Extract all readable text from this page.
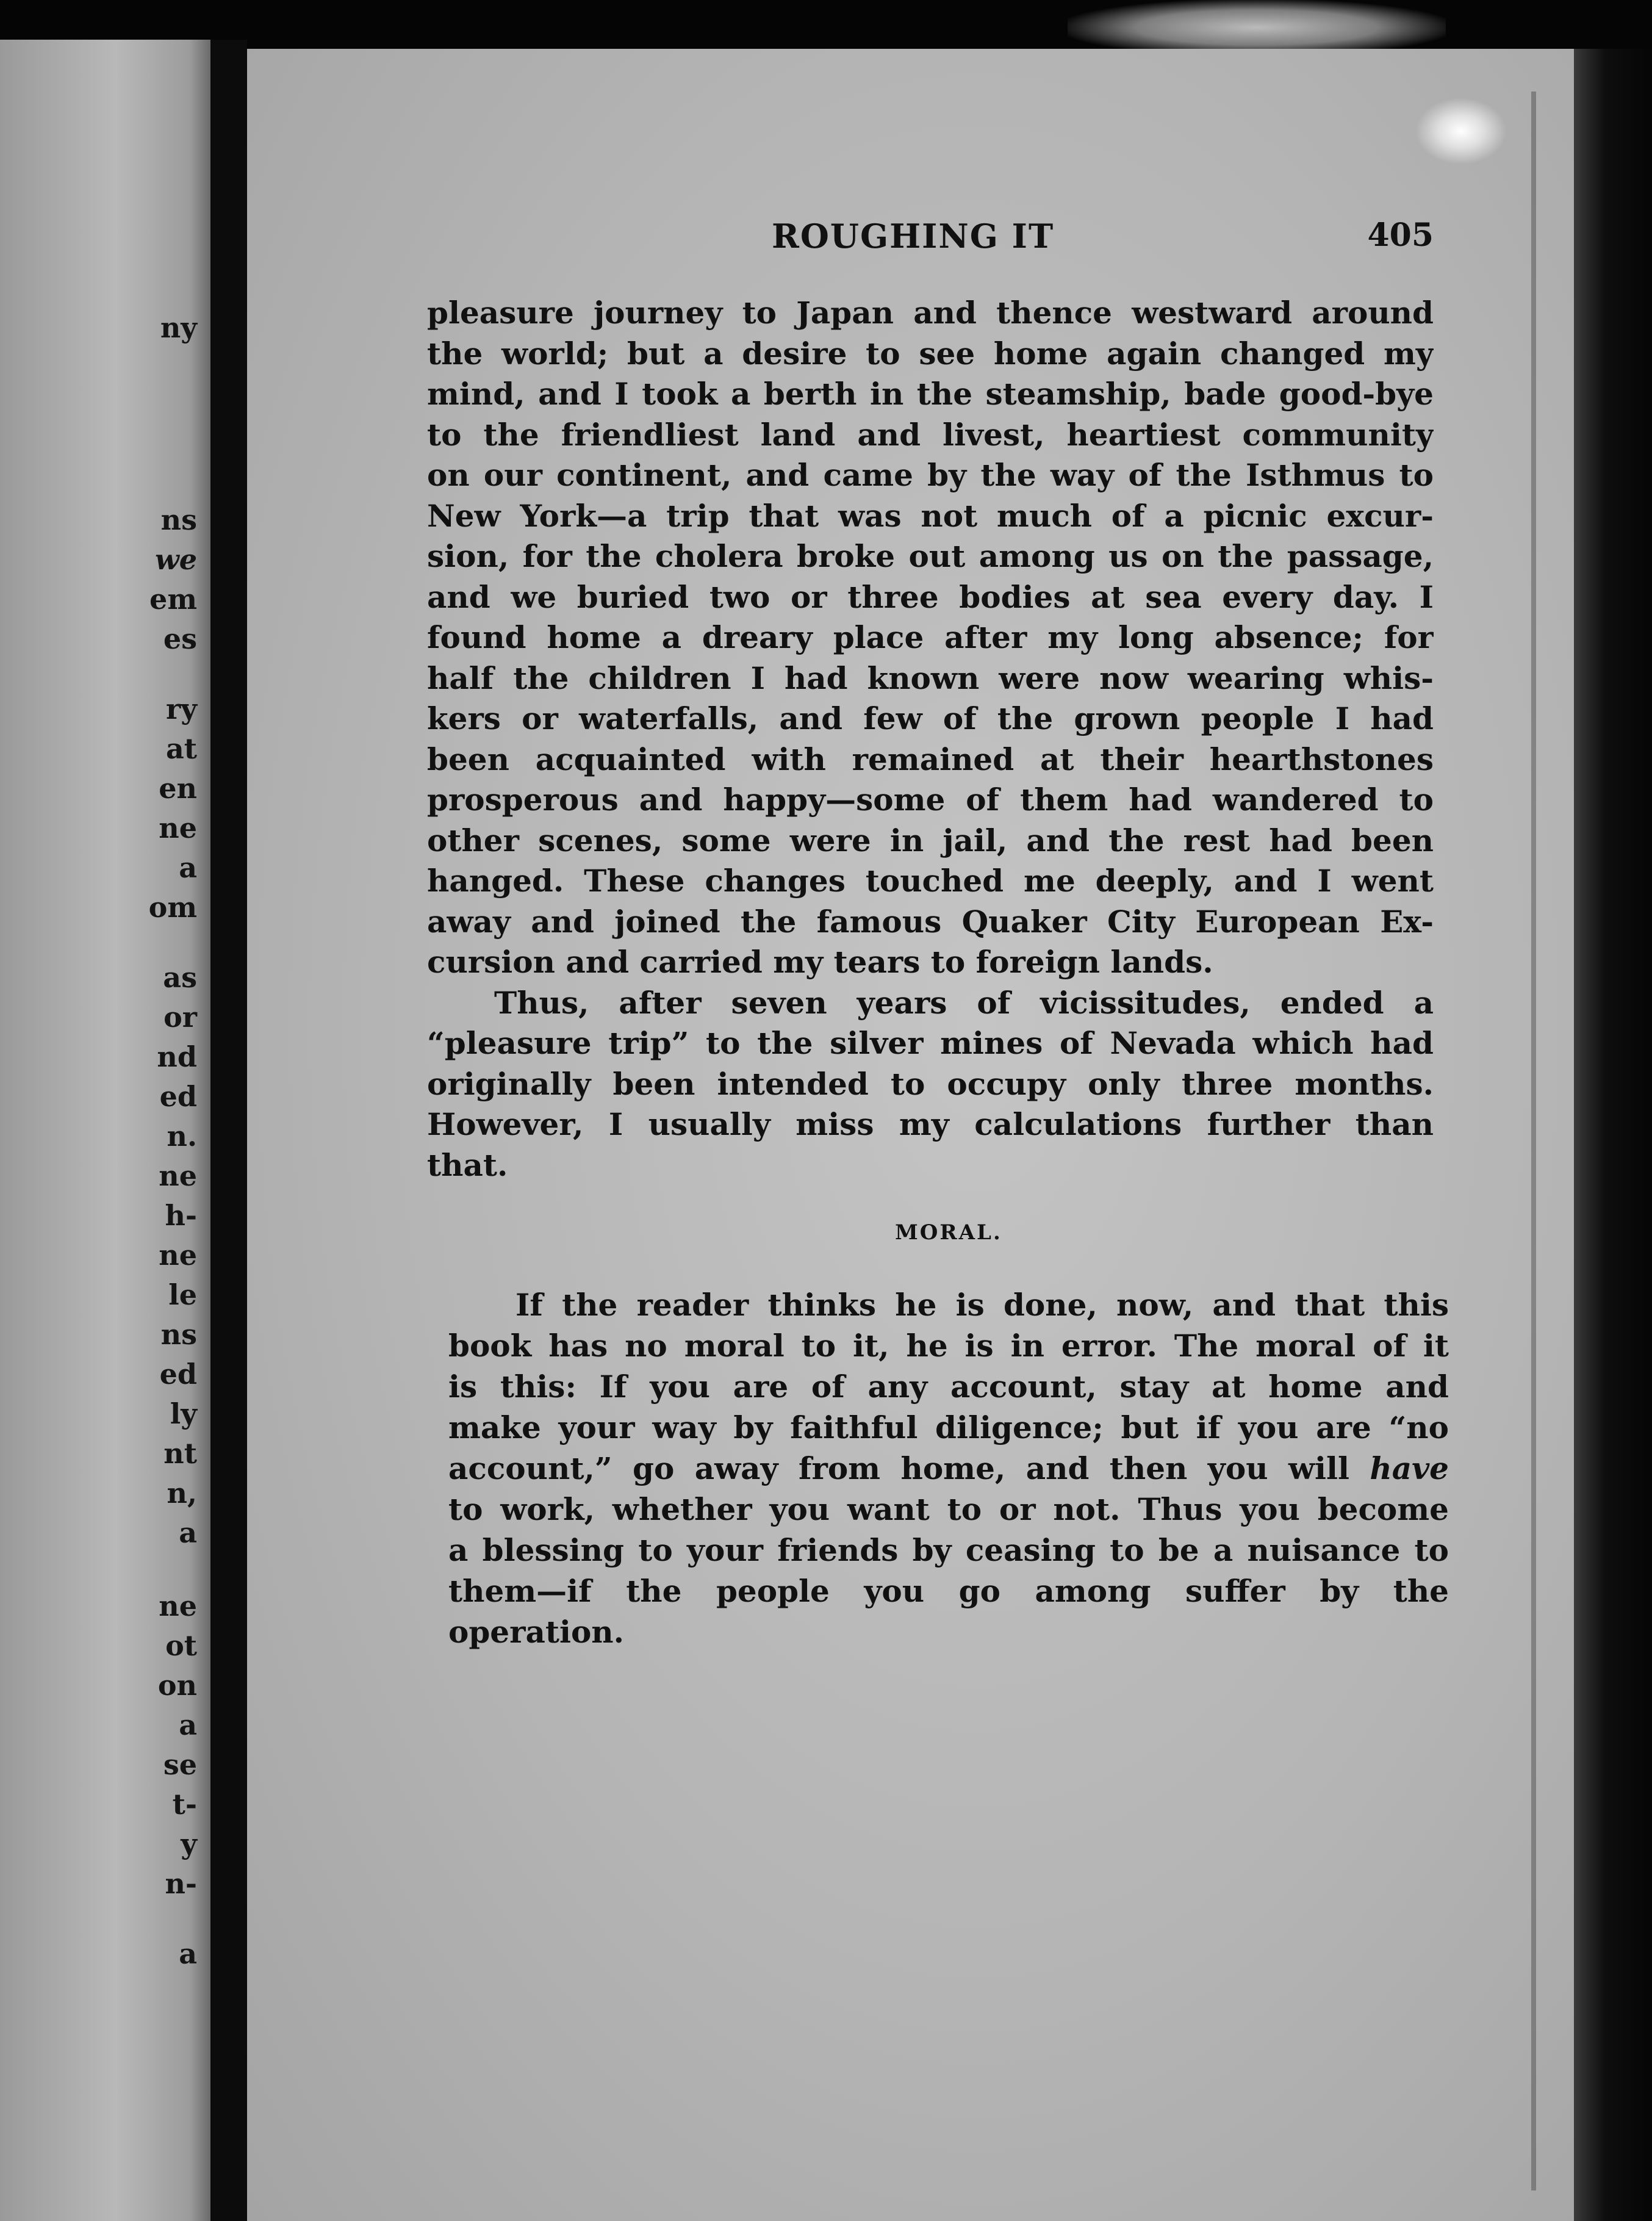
ny
ns
we
em
es
ry
at
en
ne
a
om
as
or
nd
ed
n.
ne
h-
ne
le
ns
ed
ly
nt
n,
a
ne
ot
on
a
se
t-
y
n-
a
ROUGHING IT	405
pleasure journey to Japan and thence westward around
the world; but a desire to see home again changed my
mind, and I took a berth in the steamship, bade good-bye
to the friendliest land and livest, heartiest community
on our continent, and came by the way of the Isthmus to
New York—a trip that was not much of a picnic excur-
sion, for the cholera broke out among us on the passage,
and we buried two or three bodies at sea every day. I
found home a dreary place after my long absence; for
half the children I had known were now wearing whis-
kers or waterfalls, and few of the grown people I had
been acquainted with remained at their hearthstones
prosperous and happy—some of them had wandered to
other scenes, some were in jail, and the rest had been
hanged. These changes touched me deeply, and I went
away and joined the famous Quaker City European Ex-
cursion and carried my tears to foreign lands.
Thus, after seven years of vicissitudes, ended a
“pleasure trip” to the silver mines of Nevada which had
originally been intended to occupy only three months.
However, I usually miss my calculations further than
that.
MORAL.
If the reader thinks he is done, now, and that this
book has no moral to it, he is in error. The moral of it
is this: If you are of any account, stay at home and
make your way by faithful diligence; but if you are “no
account,” go away from home, and then you will have
to work, whether you want to or not. Thus you become
a blessing to your friends by ceasing to be a nuisance to
them—if the people you go among suffer by the
operation.
